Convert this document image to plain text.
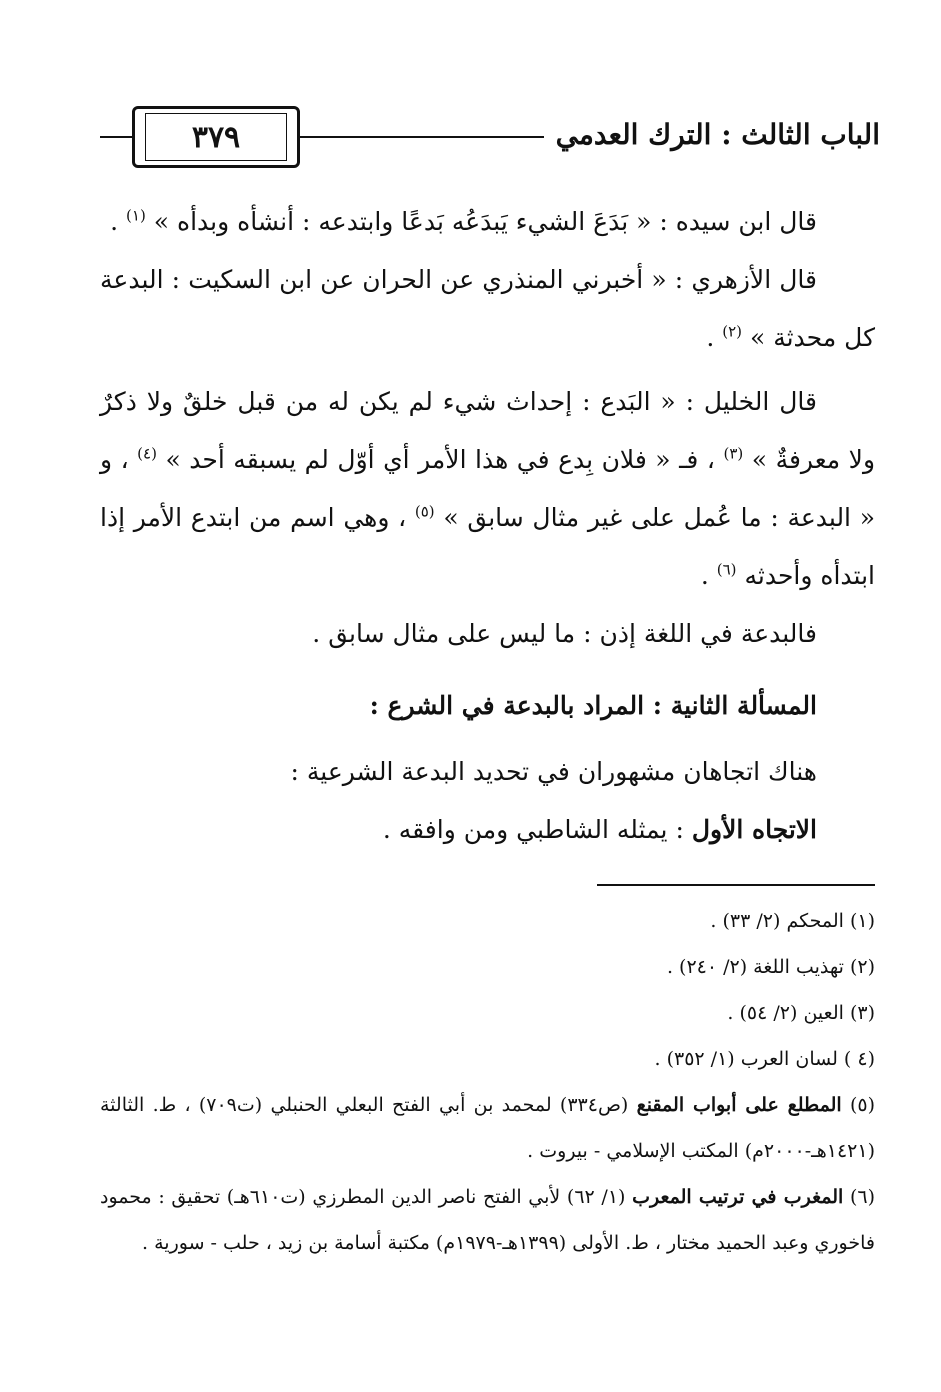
٣٧٩	الباب الثالث : الترك العدمي

قال ابن سيده : « بَدَعَ الشيء يَبدَعُه بَدعًا وابتدعه : أنشأه وبدأه » $^{(١)}$ .

قال الأزهري : « أخبرني المنذري عن الحران عن ابن السكيت : البدعة كل محدثة » $^{(٢)}$ .

قال الخليل : « البَدع : إحداث شيء لم يكن له من قبل خلقٌ ولا ذكرٌ ولا معرفةٌ » $^{(٣)}$ ، فـ « فلان بِدع في هذا الأمر أي أوّل لم يسبقه أحد » $^{(٤)}$ ، و « البدعة : ما عُمل على غير مثال سابق » $^{(٥)}$ ، وهي اسم من ابتدع الأمر إذا ابتدأه وأحدثه $^{(٦)}$ .

فالبدعة في اللغة إذن : ما ليس على مثال سابق .

المسألة الثانية : المراد بالبدعة في الشرع :

هناك اتجاهان مشهوران في تحديد البدعة الشرعية :

الاتجاه الأول : يمثله الشاطبي ومن وافقه .

(١) المحكم (٢/ ٣٣) .

(٢) تهذيب اللغة (٢/ ٢٤٠) .

(٣) العين (٢/ ٥٤) .

(٤ ) لسان العرب (١/ ٣٥٢) .

(٥) المطلع على أبواب المقنع (ص٣٣٤) لمحمد بن أبي الفتح البعلي الحنبلي (ت٧٠٩) ، ط. الثالثة (١٤٢١هـ-٢٠٠٠م) المكتب الإسلامي - بيروت .

(٦) المغرب في ترتيب المعرب (١/ ٦٢) لأبي الفتح ناصر الدين المطرزي (ت٦١٠هـ) تحقيق : محمود فاخوري وعبد الحميد مختار ، ط. الأولى (١٣٩٩هـ-١٩٧٩م) مكتبة أسامة بن زيد ، حلب - سورية .
